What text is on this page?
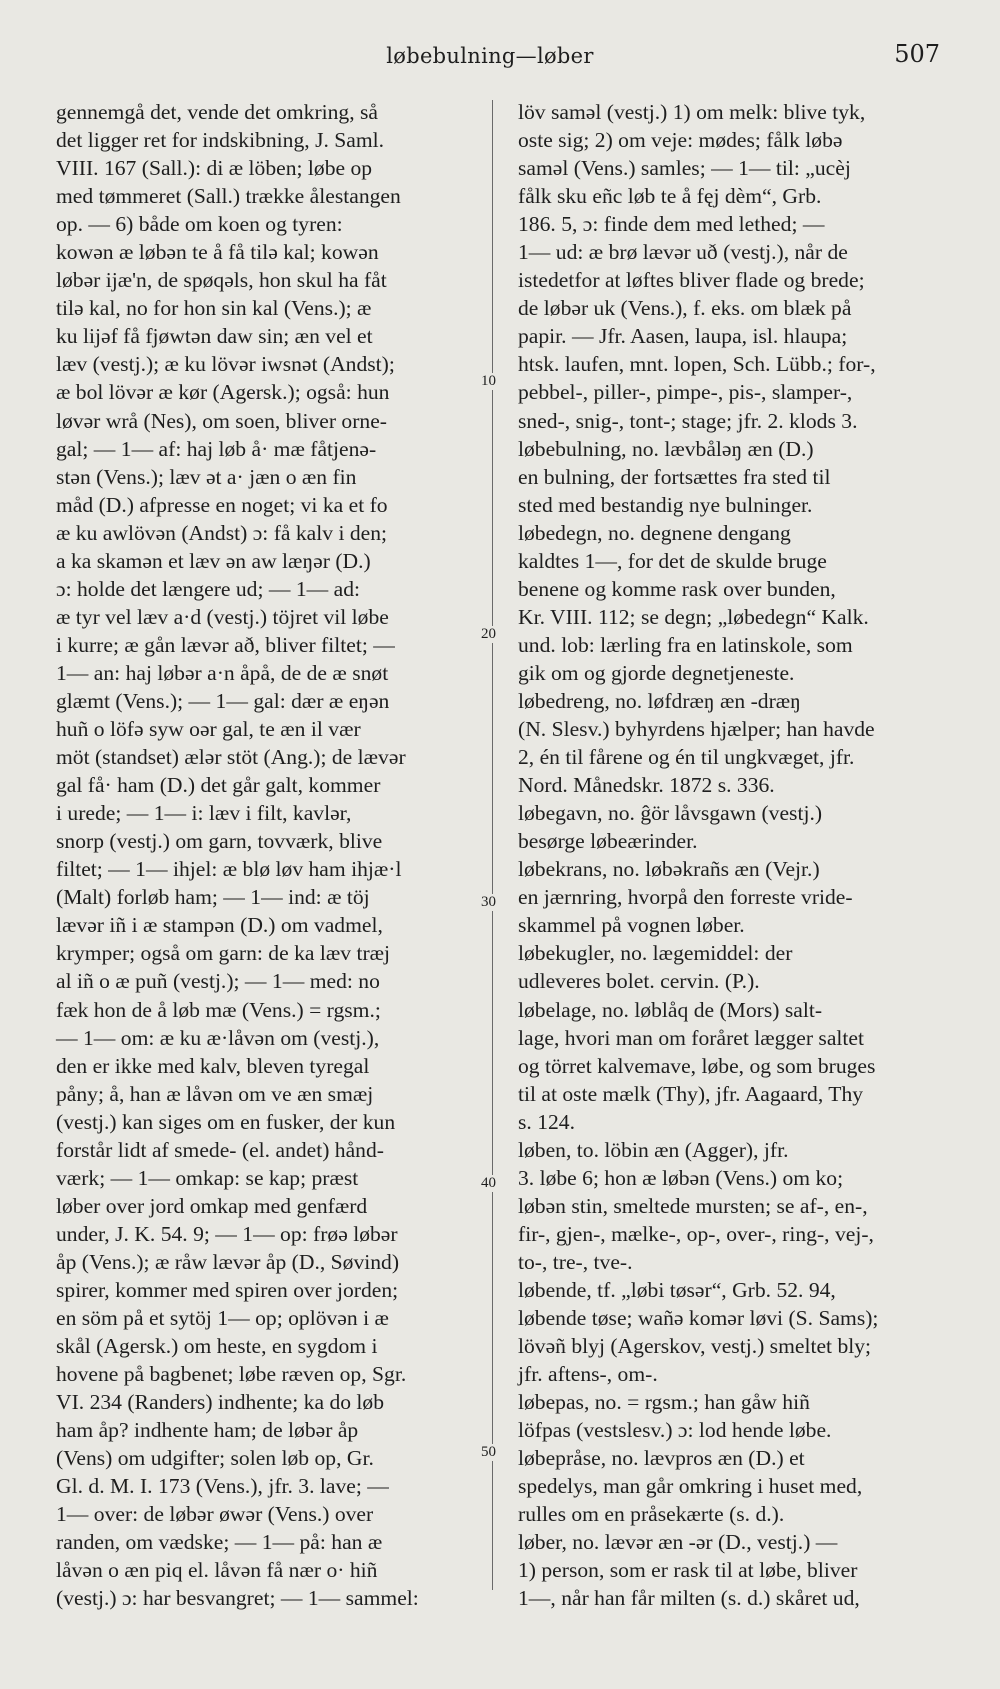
løbebulning—løber	507
10
20
30
40
50
gennemgå det, vende det omkring, så
det ligger ret for indskibning, J. Saml.
VIII. 167 (Sall.): di æ löben; løbe op
med tømmeret (Sall.) trække ålestangen
op. — 6) både om koen og tyren:
kowən æ løbən te å få tilə kal; kowən
løbər ijæ'n, de spøqəls, hon skul ha fåt
tilə kal, no for hon sin kal (Vens.); æ
ku lijəf få fjøwtən daw sin; æn vel et
læv (vestj.); æ ku lövər iwsnət (Andst);
æ bol lövər æ kør (Agersk.); også: hun
løvər wrå (Nes), om soen, bliver orne-
gal; — 1— af: haj løb å· mæ fåtjenə-
stən (Vens.); læv ət a· jæn o æn fin
måd (D.) afpresse en noget; vi ka et fo
æ ku awlövən (Andst) ɔ: få kalv i den;
a ka skamən et læv ən aw læŋər (D.)
ɔ: holde det længere ud; — 1— ad:
æ tyr vel læv a·d (vestj.) töjret vil løbe
i kurre; æ gån lævər að, bliver filtet; —
1— an: haj løbər a·n åpå, de de æ snøt
glæmt (Vens.); — 1— gal: dær æ eŋən
huñ o löfə syw oər gal, te æn il vær
möt (standset) ælər stöt (Ang.); de lævər
gal få· ham (D.) det går galt, kommer
i urede; — 1— i: læv i filt, kavlər,
snorp (vestj.) om garn, tovværk, blive
filtet; — 1— ihjel: æ blø løv ham ihjæ·l
(Malt) forløb ham; — 1— ind: æ töj
lævər iñ i æ stampən (D.) om vadmel,
krymper; også om garn: de ka læv træj
al iñ o æ puñ (vestj.); — 1— med: no
fæk hon de å løb mæ (Vens.) = rgsm.;
— 1— om: æ ku æ·låvən om (vestj.),
den er ikke med kalv, bleven tyregal
påny; å, han æ låvən om ve æn smæj
(vestj.) kan siges om en fusker, der kun
forstår lidt af smede- (el. andet) hånd-
værk; — 1— omkap: se kap; præst
løber over jord omkap med genfærd
under, J. K. 54. 9; — 1— op: frøə løbər
åp (Vens.); æ råw lævər åp (D., Søvind)
spirer, kommer med spiren over jorden;
en söm på et sytöj 1— op; oplövən i æ
skål (Agersk.) om heste, en sygdom i
hovene på bagbenet; løbe ræven op, Sgr.
VI. 234 (Randers) indhente; ka do løb
ham åp? indhente ham; de løbər åp
(Vens) om udgifter; solen løb op, Gr.
Gl. d. M. I. 173 (Vens.), jfr. 3. lave; —
1— over: de løbər øwər (Vens.) over
randen, om vædske; — 1— på: han æ
låvən o æn piq el. låvən få nær o· hiñ
(vestj.) ɔ: har besvangret; — 1— sammel:
löv saməl (vestj.) 1) om melk: blive tyk,
oste sig; 2) om veje: mødes; fålk løbə
saməl (Vens.) samles; — 1— til: „ucèj
fålk sku eñc løb te å fęj dèm“, Grb.
186. 5, ɔ: finde dem med lethed; —
1— ud: æ brø lævər uð (vestj.), når de
istedetfor at løftes bliver flade og brede;
de løbər uk (Vens.), f. eks. om blæk på
papir. — Jfr. Aasen, laupa, isl. hlaupa;
htsk. laufen, mnt. lopen, Sch. Lübb.; for-,
pebbel-, piller-, pimpe-, pis-, slamper-,
sned-, snig-, tont-; stage; jfr. 2. klods 3.
løbebulning, no. lævbåləŋ æn (D.)
en bulning, der fortsættes fra sted til
sted med bestandig nye bulninger.
løbedegn, no. degnene dengang
kaldtes 1—, for det de skulde bruge
benene og komme rask over bunden,
Kr. VIII. 112; se degn; „løbedegn“ Kalk.
und. lob: lærling fra en latinskole, som
gik om og gjorde degnetjeneste.
løbedreng, no. løfdræŋ æn -dræŋ
(N. Slesv.) byhyrdens hjælper; han havde
2, én til fårene og én til ungkvæget, jfr.
Nord. Månedskr. 1872 s. 336.
løbegavn, no. ĝör låvsgawn (vestj.)
besørge løbeærinder.
løbekrans, no. løbəkrañs æn (Vejr.)
en jærnring, hvorpå den forreste vride-
skammel på vognen løber.
løbekugler, no. lægemiddel: der
udleveres bolet. cervin. (P.).
løbelage, no. løblåq de (Mors) salt-
lage, hvori man om foråret lægger saltet
og törret kalvemave, løbe, og som bruges
til at oste mælk (Thy), jfr. Aagaard, Thy
s. 124.
løben, to. löbin æn (Agger), jfr.
3. løbe 6; hon æ løbən (Vens.) om ko;
løbən stin, smeltede mursten; se af-, en-,
fir-, gjen-, mælke-, op-, over-, ring-, vej-,
to-, tre-, tve-.
løbende, tf. „løbi tøsər“, Grb. 52. 94,
løbende tøse; wañə komər løvi (S. Sams);
lövəñ blyj (Agerskov, vestj.) smeltet bly;
jfr. aftens-, om-.
løbepas, no. = rgsm.; han gåw hiñ
löfpas (vestslesv.) ɔ: lod hende løbe.
løbepråse, no. lævpros æn (D.) et
spedelys, man går omkring i huset med,
rulles om en pråsekærte (s. d.).
løber, no. lævər æn -ər (D., vestj.) —
1) person, som er rask til at løbe, bliver
1—, når han får milten (s. d.) skåret ud,
